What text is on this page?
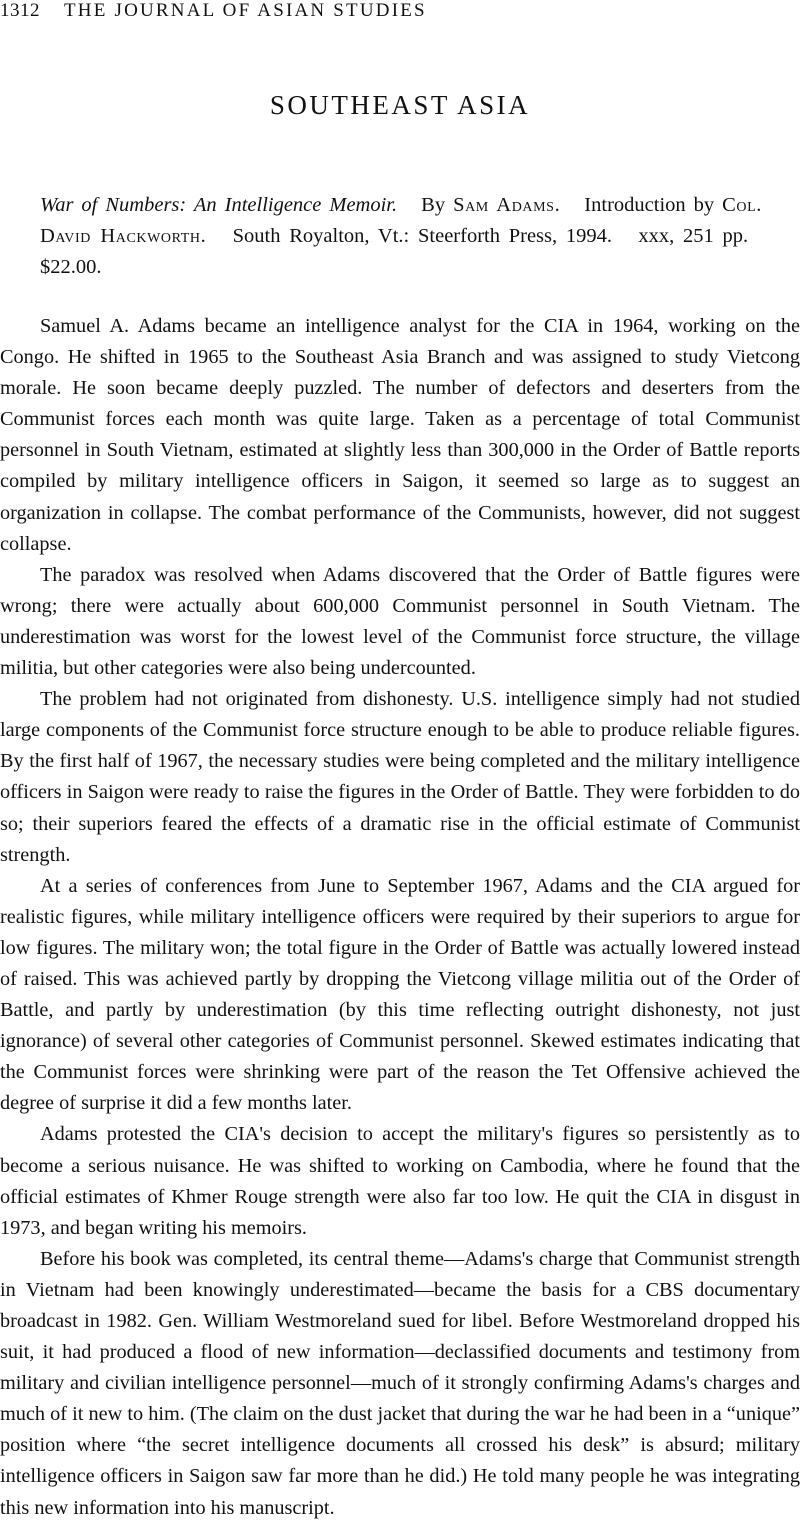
1312 THE JOURNAL OF ASIAN STUDIES
SOUTHEAST ASIA
War of Numbers: An Intelligence Memoir. By Sam Adams. Introduction by Col. David Hackworth. South Royalton, Vt.: Steerforth Press, 1994. xxx, 251 pp.   $22.00.

Samuel A. Adams became an intelligence analyst for the CIA in 1964, working on the Congo. He shifted in 1965 to the Southeast Asia Branch and was assigned to study Vietcong morale. He soon became deeply puzzled. The number of defectors and deserters from the Communist forces each month was quite large. Taken as a percentage of total Communist personnel in South Vietnam, estimated at slightly less than 300,000 in the Order of Battle reports compiled by military intelligence officers in Saigon, it seemed so large as to suggest an organization in collapse. The combat performance of the Communists, however, did not suggest collapse.

The paradox was resolved when Adams discovered that the Order of Battle figures were wrong; there were actually about 600,000 Communist personnel in South Vietnam. The underestimation was worst for the lowest level of the Communist force structure, the village militia, but other categories were also being undercounted.

The problem had not originated from dishonesty. U.S. intelligence simply had not studied large components of the Communist force structure enough to be able to produce reliable figures. By the first half of 1967, the necessary studies were being completed and the military intelligence officers in Saigon were ready to raise the figures in the Order of Battle. They were forbidden to do so; their superiors feared the effects of a dramatic rise in the official estimate of Communist strength.

At a series of conferences from June to September 1967, Adams and the CIA argued for realistic figures, while military intelligence officers were required by their superiors to argue for low figures. The military won; the total figure in the Order of Battle was actually lowered instead of raised. This was achieved partly by dropping the Vietcong village militia out of the Order of Battle, and partly by underestimation (by this time reflecting outright dishonesty, not just ignorance) of several other categories of Communist personnel. Skewed estimates indicating that the Communist forces were shrinking were part of the reason the Tet Offensive achieved the degree of surprise it did a few months later.

Adams protested the CIA's decision to accept the military's figures so persistently as to become a serious nuisance. He was shifted to working on Cambodia, where he found that the official estimates of Khmer Rouge strength were also far too low. He quit the CIA in disgust in 1973, and began writing his memoirs.

Before his book was completed, its central theme—Adams's charge that Communist strength in Vietnam had been knowingly underestimated—became the basis for a CBS documentary broadcast in 1982. Gen. William Westmoreland sued for libel. Before Westmoreland dropped his suit, it had produced a flood of new information—declassified documents and testimony from military and civilian intelligence personnel—much of it strongly confirming Adams's charges and much of it new to him. (The claim on the dust jacket that during the war he had been in a “unique” position where “the secret intelligence documents all crossed his desk” is absurd; military intelligence officers in Saigon saw far more than he did.) He told many people he was integrating this new information into his manuscript.
